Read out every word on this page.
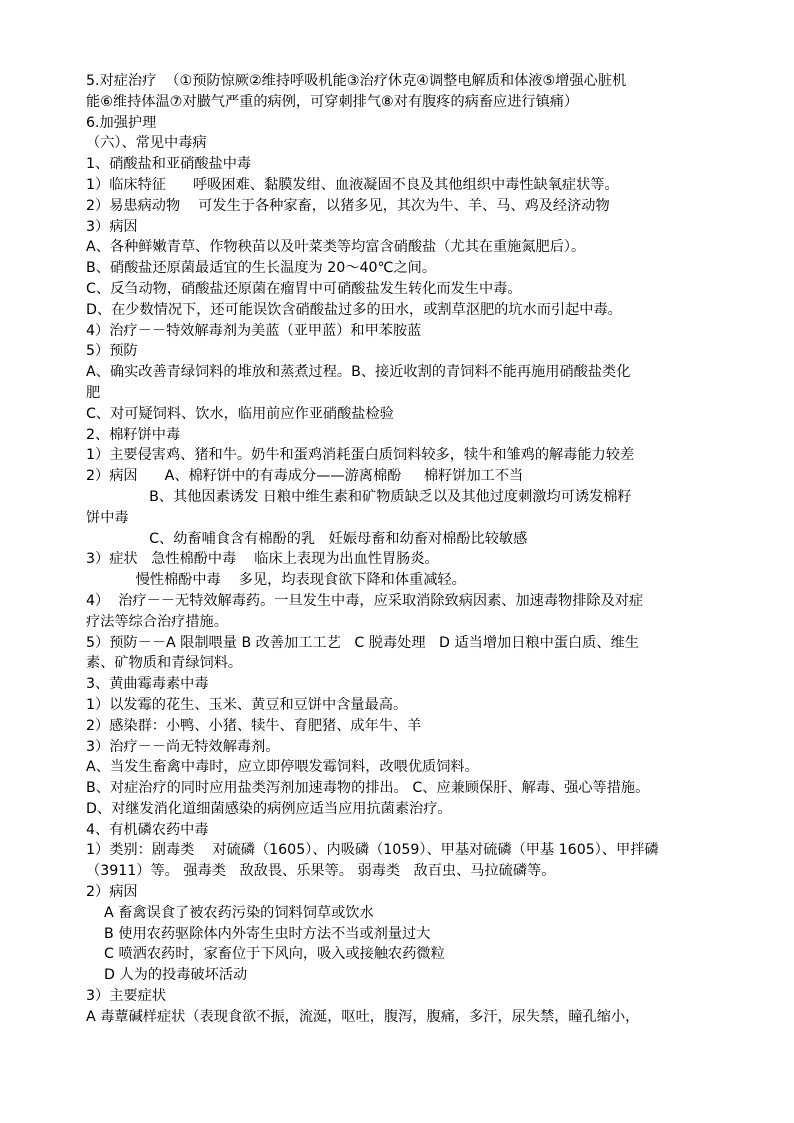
5.对症治疗  （①预防惊厥②维持呼吸机能③治疗休克④调整电解质和体液⑤增强心脏机
能⑥维持体温⑦对臌气严重的病例，可穿刺排气⑧对有腹疼的病畜应进行镇痛）
6.加强护理
（六）、常见中毒病
1、硝酸盐和亚硝酸盐中毒
1）临床特征      呼吸困难、黏膜发绀、血液凝固不良及其他组织中毒性缺氧症状等。
2）易患病动物    可发生于各种家畜，以猪多见，其次为牛、羊、马、鸡及经济动物
3）病因
A、各种鲜嫩青草、作物秧苗以及叶菜类等均富含硝酸盐（尤其在重施氮肥后）。
B、硝酸盐还原菌最适宜的生长温度为 20～40℃之间。
C、反刍动物，硝酸盐还原菌在瘤胃中可硝酸盐发生转化而发生中毒。
D、在少数情况下，还可能误饮含硝酸盐过多的田水，或割草沤肥的坑水而引起中毒。
4）治疗－－特效解毒剂为美蓝（亚甲蓝）和甲苯胺蓝
5）预防
A、确实改善青绿饲料的堆放和蒸煮过程。B、接近收割的青饲料不能再施用硝酸盐类化
肥
C、对可疑饲料、饮水，临用前应作亚硝酸盐检验
2、棉籽饼中毒
1）主要侵害鸡、猪和牛。奶牛和蛋鸡消耗蛋白质饲料较多，犊牛和雏鸡的解毒能力较差
2）病因      A、棉籽饼中的有毒成分——游离棉酚     棉籽饼加工不当
B、其他因素诱发 日粮中维生素和矿物质缺乏以及其他过度刺激均可诱发棉籽
饼中毒
C、幼畜哺食含有棉酚的乳   妊娠母畜和幼畜对棉酚比较敏感
3）症状   急性棉酚中毒    临床上表现为出血性胃肠炎。
慢性棉酚中毒    多见，均表现食欲下降和体重减轻。
4）  治疗－－无特效解毒药。一旦发生中毒，应采取消除致病因素、加速毒物排除及对症
疗法等综合治疗措施。
5）预防－－A 限制喂量 B 改善加工工艺   C 脱毒处理   D 适当增加日粮中蛋白质、维生
素、矿物质和青绿饲料。
3、黄曲霉毒素中毒
1）以发霉的花生、玉米、黄豆和豆饼中含量最高。
2）感染群：小鸭、小猪、犊牛、育肥猪、成年牛、羊
3）治疗－－尚无特效解毒剂。
A、当发生畜禽中毒时，应立即停喂发霉饲料，改喂优质饲料。
B、对症治疗的同时应用盐类泻剂加速毒物的排出。 C、应兼顾保肝、解毒、强心等措施。
D、对继发消化道细菌感染的病例应适当应用抗菌素治疗。
4、有机磷农药中毒
1）类别：剧毒类    对硫磷（1605）、内吸磷（1059）、甲基对硫磷（甲基 1605）、甲拌磷
（3911）等。 强毒类   敌敌畏、乐果等。 弱毒类   敌百虫、马拉硫磷等。
2）病因
A 畜禽误食了被农药污染的饲料饲草或饮水
B 使用农药驱除体内外寄生虫时方法不当或剂量过大
C 喷洒农药时，家畜位于下风向，吸入或接触农药微粒
D 人为的投毒破坏活动
3）主要症状
A 毒蕈碱样症状（表现食欲不振，流涎，呕吐，腹泻，腹痛，多汗，尿失禁，瞳孔缩小，
